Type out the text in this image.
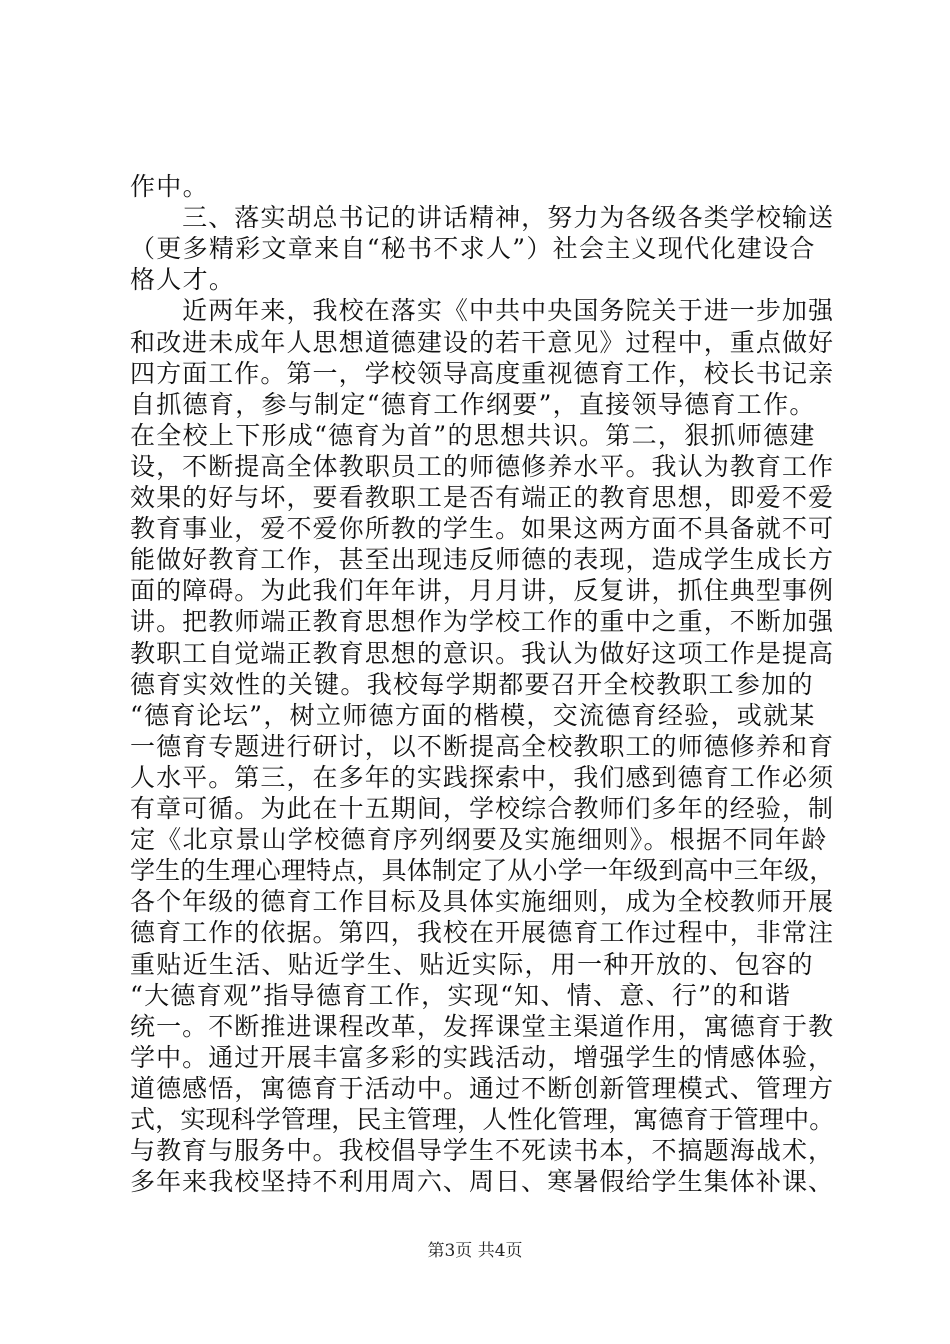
作中。
　　三、落实胡总书记的讲话精神，努力为各级各类学校输送
（更多精彩文章来自“秘书不求人”）社会主义现代化建设合
格人才。
　　近两年来，我校在落实《中共中央国务院关于进一步加强
和改进未成年人思想道德建设的若干意见》过程中，重点做好
四方面工作。第一，学校领导高度重视德育工作，校长书记亲
自抓德育，参与制定“德育工作纲要”，直接领导德育工作。
在全校上下形成“德育为首”的思想共识。第二，狠抓师德建
设，不断提高全体教职员工的师德修养水平。我认为教育工作
效果的好与坏，要看教职工是否有端正的教育思想，即爱不爱
教育事业，爱不爱你所教的学生。如果这两方面不具备就不可
能做好教育工作，甚至出现违反师德的表现，造成学生成长方
面的障碍。为此我们年年讲，月月讲，反复讲，抓住典型事例
讲。把教师端正教育思想作为学校工作的重中之重，不断加强
教职工自觉端正教育思想的意识。我认为做好这项工作是提高
德育实效性的关键。我校每学期都要召开全校教职工参加的
“德育论坛”，树立师德方面的楷模，交流德育经验，或就某
一德育专题进行研讨，以不断提高全校教职工的师德修养和育
人水平。第三，在多年的实践探索中，我们感到德育工作必须
有章可循。为此在十五期间，学校综合教师们多年的经验，制
定《北京景山学校德育序列纲要及实施细则》。根据不同年龄
学生的生理心理特点，具体制定了从小学一年级到高中三年级，
各个年级的德育工作目标及具体实施细则，成为全校教师开展
德育工作的依据。第四，我校在开展德育工作过程中，非常注
重贴近生活、贴近学生、贴近实际，用一种开放的、包容的
“大德育观”指导德育工作，实现“知、情、意、行”的和谐
统一。不断推进课程改革，发挥课堂主渠道作用，寓德育于教
学中。通过开展丰富多彩的实践活动，增强学生的情感体验，
道德感悟，寓德育于活动中。通过不断创新管理模式、管理方
式，实现科学管理，民主管理，人性化管理，寓德育于管理中。
与教育与服务中。我校倡导学生不死读书本，不搞题海战术，
多年来我校坚持不利用周六、周日、寒暑假给学生集体补课、
第3页 共4页
